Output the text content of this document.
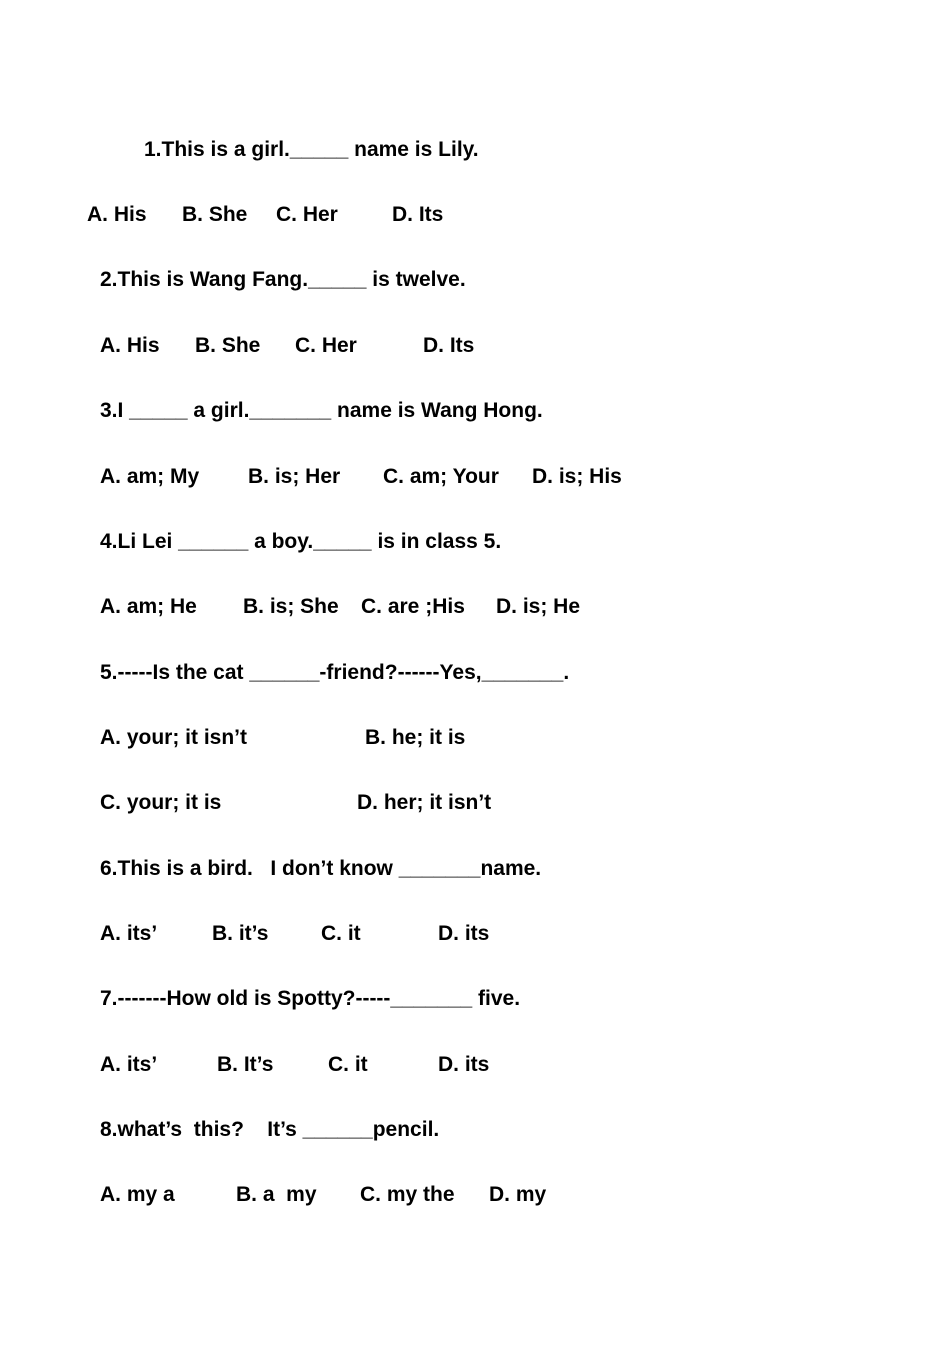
1.This is a girl._____ name is Lily.

A. His

B. She

C. Her

	D. Its

2.This is Wang Fang._____ is twelve.

A. His

B. She

C. Her

	D. Its

3.I _____ a girl._______ name is Wang Hong.

A. am; My

B. is; Her

C. am; Your

D. is; His

4.Li Lei ______ a boy._____ is in class 5.

A. am; He

B. is; She

C. are ;His

D. is; He

5.-----Is the cat ______-friend?------Yes,_______.

A. your; it isn’t

	B. he; it is

C. your; it is

	D. her; it isn’t

6.This is a bird.   I don’t know _______name.

A. its’

	B. it’s

	C. it

	D. its

7.-------How old is Spotty?-----_______ five.

A. its’

	B. It’s

	C. it

	D. its

8.what’s  this?    It’s ______pencil.

A. my a

	B. a  my

C. my the

D. my
